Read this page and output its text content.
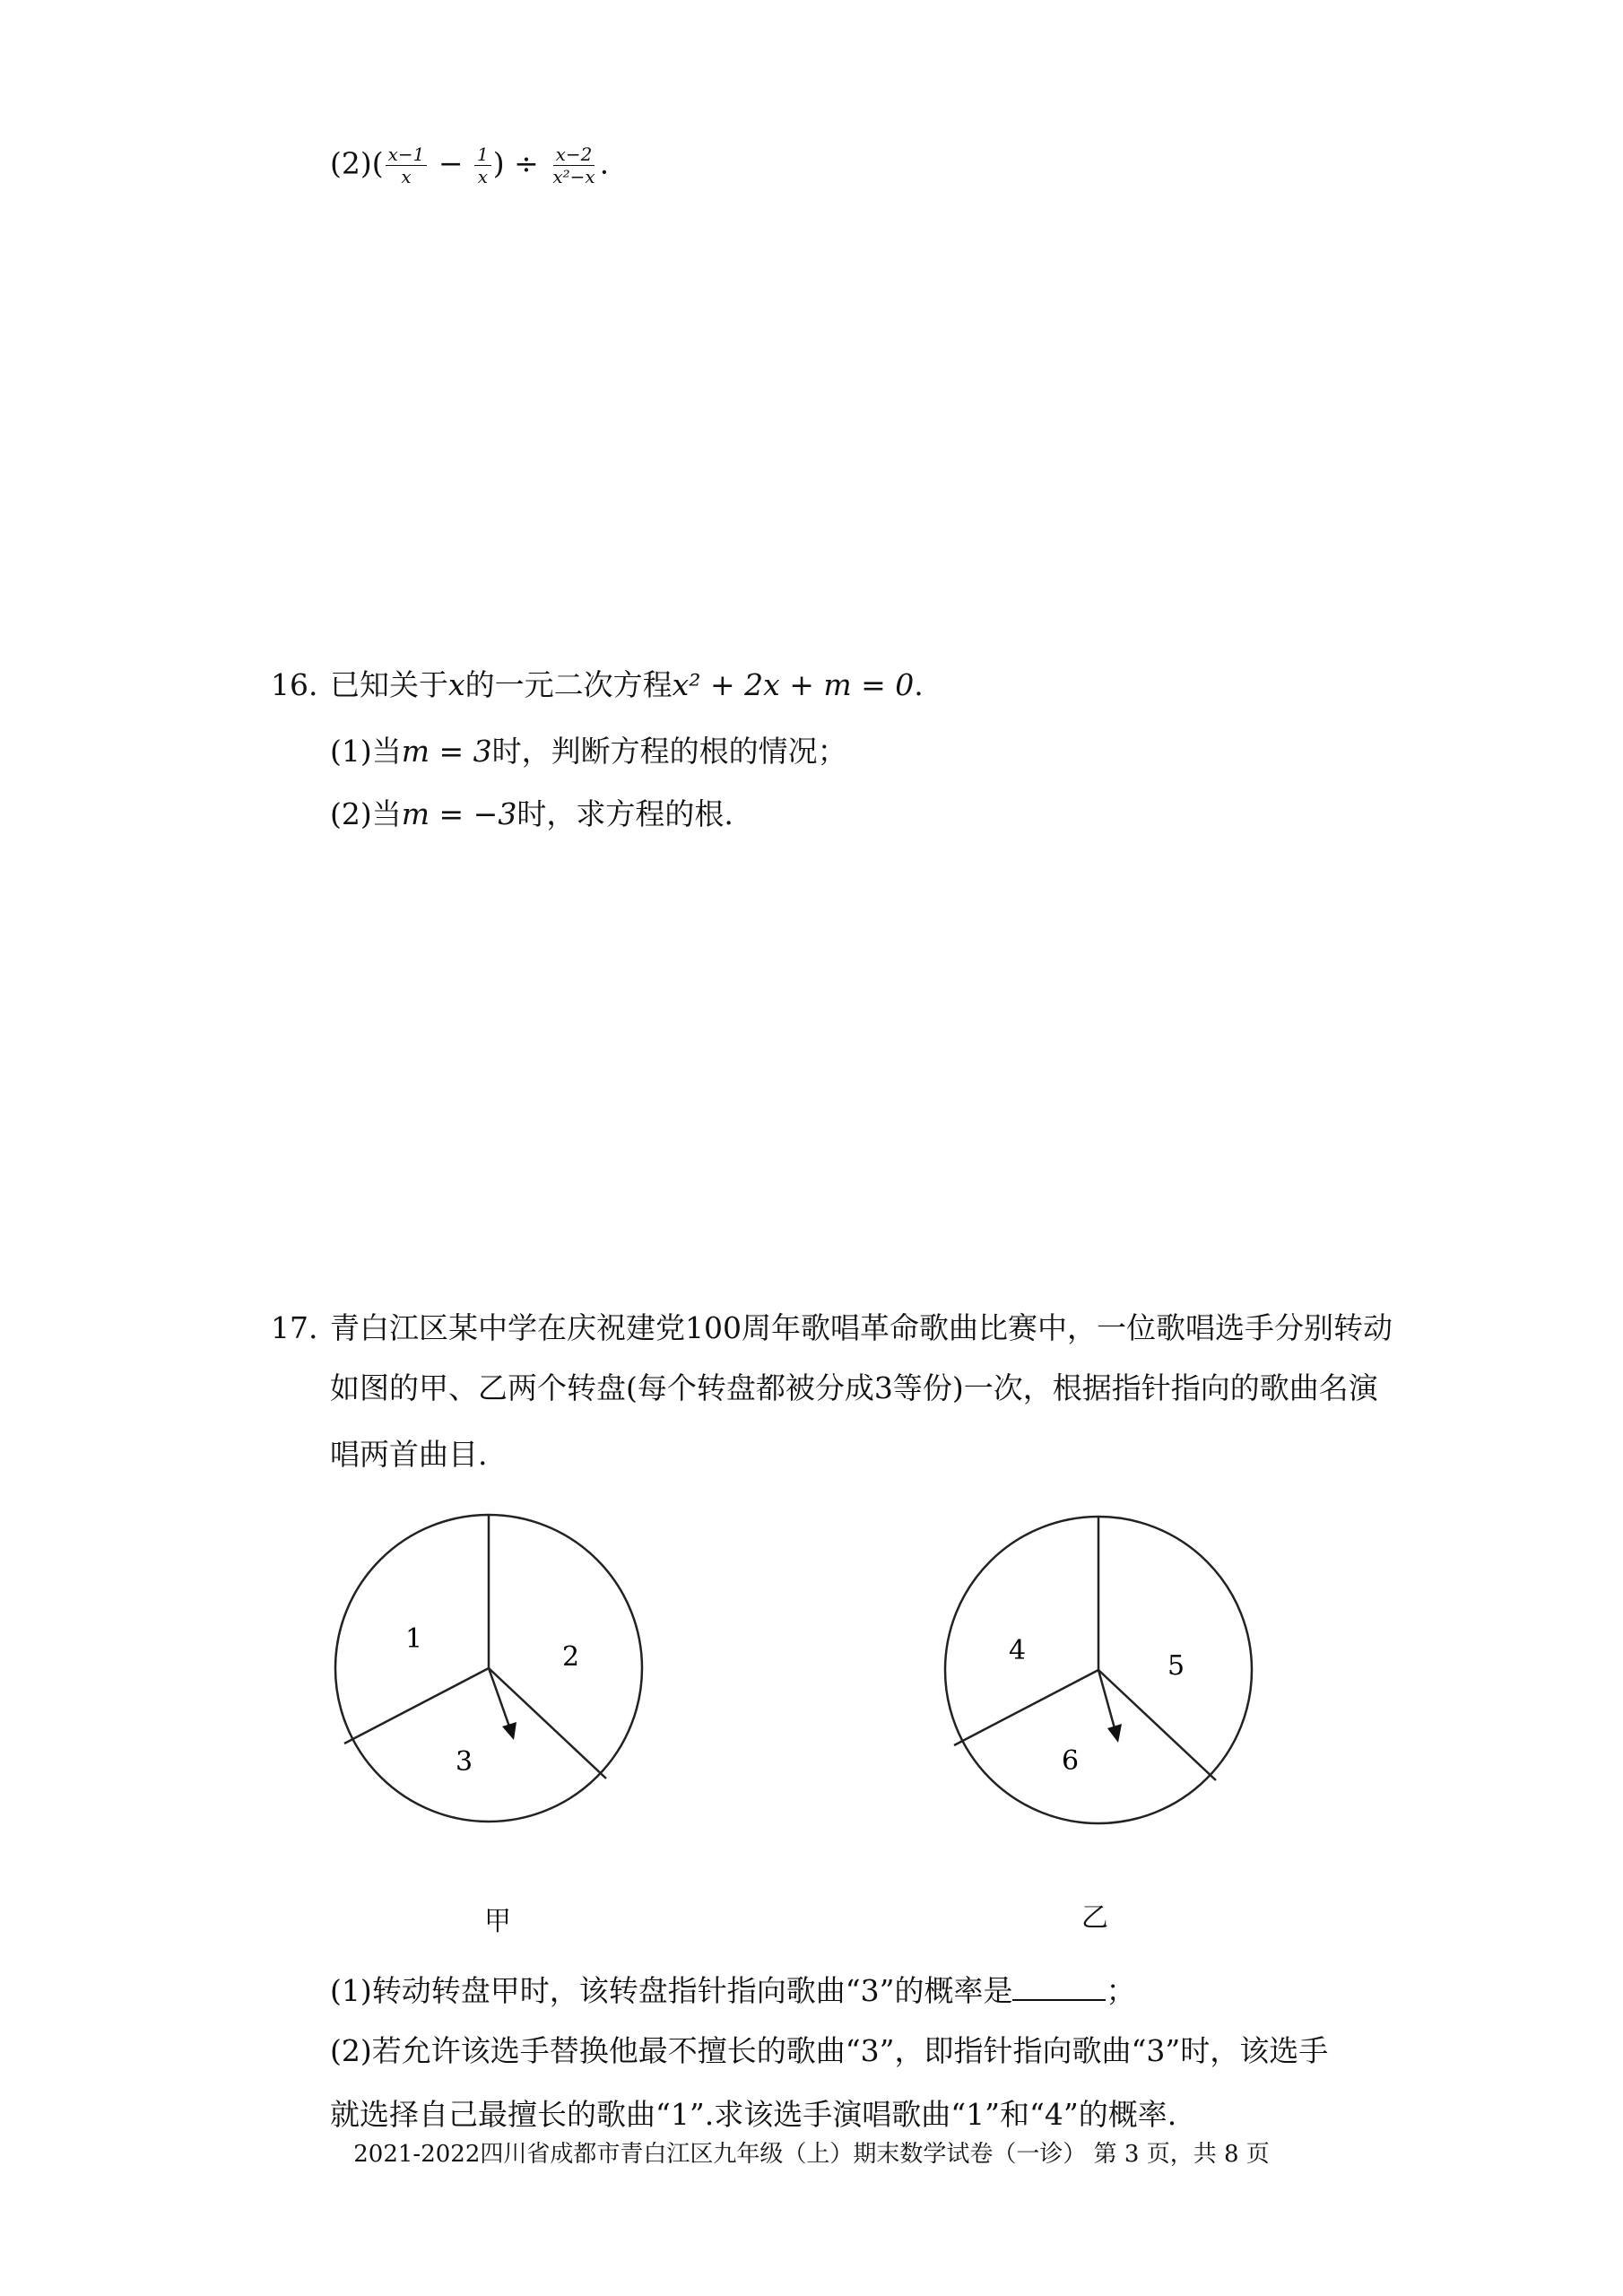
$(2)( \frac{x-1}{x} - \frac{1}{x}$ ) ÷ $\frac{x-2}{\text{x²−x}}$ .
16. 已知关于x的一元二次方程x² + 2x + m = 0.
(1)当m = 3时，判断方程的根的情况；
(2)当m = −3时，求方程的根.
17. 青白江区某中学在庆祝建党100周年歌唱革命歌曲比赛中，一位歌唱选手分别转动
如图的甲、乙两个转盘(每个转盘都被分成3等份)一次，根据指针指向的歌曲名演
唱两首曲目.
1
2
3
甲
4	5
6
乙
(1)转动转盘甲时，该转盘指针指向歌曲“3”的概率是	；
(2)若允许该选手替换他最不擅长的歌曲“3”，即指针指向歌曲“3”时，该选手
就选择自己最擅长的歌曲“1”.求该选手演唱歌曲“1”和“4”的概率.
2021-2022四川省成都市青白江区九年级（上）期末数学试卷（一诊） 第 3 页，共 8 页
